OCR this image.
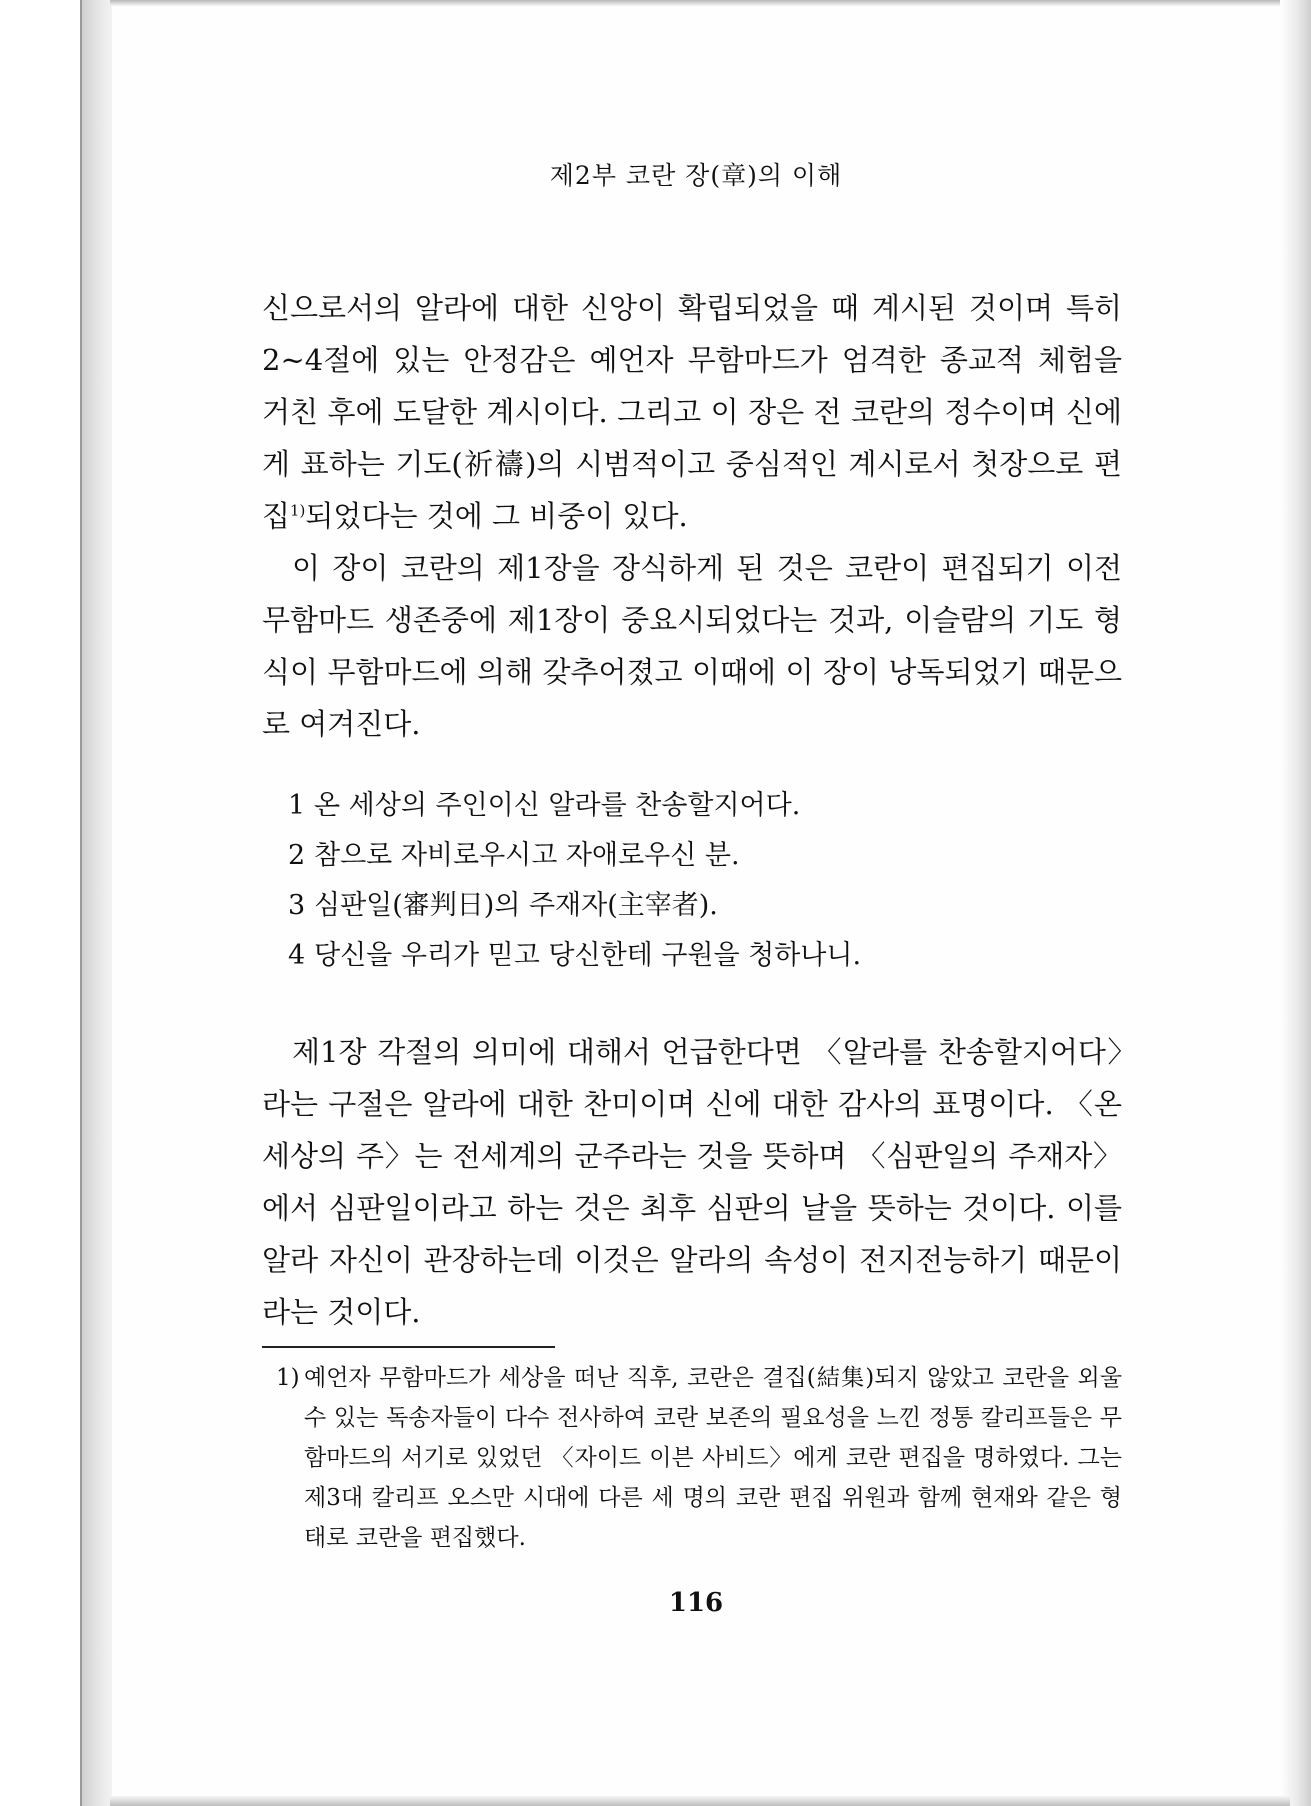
제2부 코란 장(章)의 이해

신으로서의 알라에 대한 신앙이 확립되었을 때 계시된 것이며 특히 2~4절에 있는 안정감은 예언자 무함마드가 엄격한 종교적 체험을 거친 후에 도달한 계시이다. 그리고 이 장은 전 코란의 정수이며 신에게 표하는 기도(祈禱)의 시범적이고 중심적인 계시로서 첫장으로 편집$^{1)}$되었다는 것에 그 비중이 있다.

이 장이 코란의 제1장을 장식하게 된 것은 코란이 편집되기 이전 무함마드 생존중에 제1장이 중요시되었다는 것과, 이슬람의 기도 형식이 무함마드에 의해 갖추어졌고 이때에 이 장이 낭독되었기 때문으로 여겨진다.

1 온 세상의 주인이신 알라를 찬송할지어다.
2 참으로 자비로우시고 자애로우신 분.
3 심판일(審判日)의 주재자(主宰者).
4 당신을 우리가 믿고 당신한테 구원을 청하나니.

제1장 각절의 의미에 대해서 언급한다면 〈알라를 찬송할지어다〉라는 구절은 알라에 대한 찬미이며 신에 대한 감사의 표명이다. 〈온 세상의 주〉는 전세계의 군주라는 것을 뜻하며 〈심판일의 주재자〉에서 심판일이라고 하는 것은 최후 심판의 날을 뜻하는 것이다. 이를 알라 자신이 관장하는데 이것은 알라의 속성이 전지전능하기 때문이라는 것이다.

1) 예언자 무함마드가 세상을 떠난 직후, 코란은 결집(結集)되지 않았고 코란을 외울 수 있는 독송자들이 다수 전사하여 코란 보존의 필요성을 느낀 정통 칼리프들은 무함마드의 서기로 있었던 〈자이드 이븐 사비드〉에게 코란 편집을 명하였다. 그는 제3대 칼리프 오스만 시대에 다른 세 명의 코란 편집 위원과 함께 현재와 같은 형태로 코란을 편집했다.
116
